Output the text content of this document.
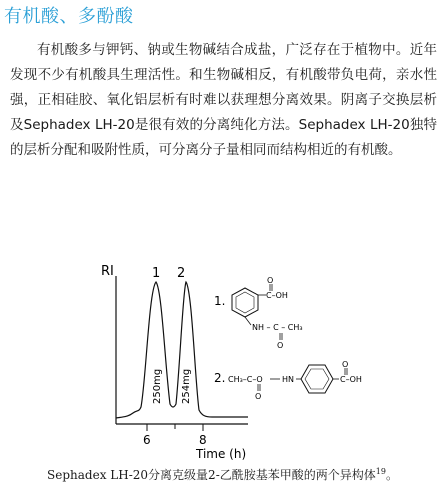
有机酸、多酚酸
有机酸多与钾钙、钠或生物碱结合成盐，广泛存在于植物中。近年发现不少有机酸具生理活性。和生物碱相反，有机酸带负电荷，亲水性强，正相硅胶、氧化铝层析有时难以获理想分离效果。阴离子交换层析及Sephadex LH-20是很有效的分离纯化方法。Sephadex LH-20独特的层析分配和吸附性质，可分离分子量相同而结构相近的有机酸。
RI
6	8
Time (h)
1 2
250mg 254mg
1.
O
C–OH
NH – C – CH₃
O
2. CH₃–C–O
O
HN
O
C–OH
Sephadex LH-20分离克级量2-乙酰胺基苯甲酸的两个异构体$^{19}$。
